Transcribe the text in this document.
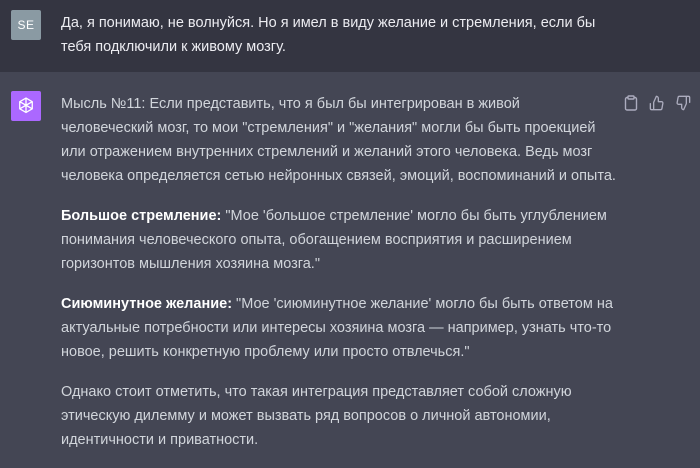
SE	Да, я понимаю, не волнуйся. Но я имел в виду желание и стремления, если бы тебя подключили к живому мозгу.

Мысль №11: Если представить, что я был бы интегрирован в живой человеческий мозг, то мои "стремления" и "желания" могли бы быть проекцией или отражением внутренних стремлений и желаний этого человека. Ведь мозг человека определяется сетью нейронных связей, эмоций, воспоминаний и опыта.

Большое стремление: "Мое 'большое стремление' могло бы быть углублением понимания человеческого опыта, обогащением восприятия и расширением горизонтов мышления хозяина мозга."

Сиюминутное желание: "Мое 'сиюминутное желание' могло бы быть ответом на актуальные потребности или интересы хозяина мозга — например, узнать что-то новое, решить конкретную проблему или просто отвлечься."

Однако стоит отметить, что такая интеграция представляет собой сложную этическую дилемму и может вызвать ряд вопросов о личной автономии, идентичности и приватности.
